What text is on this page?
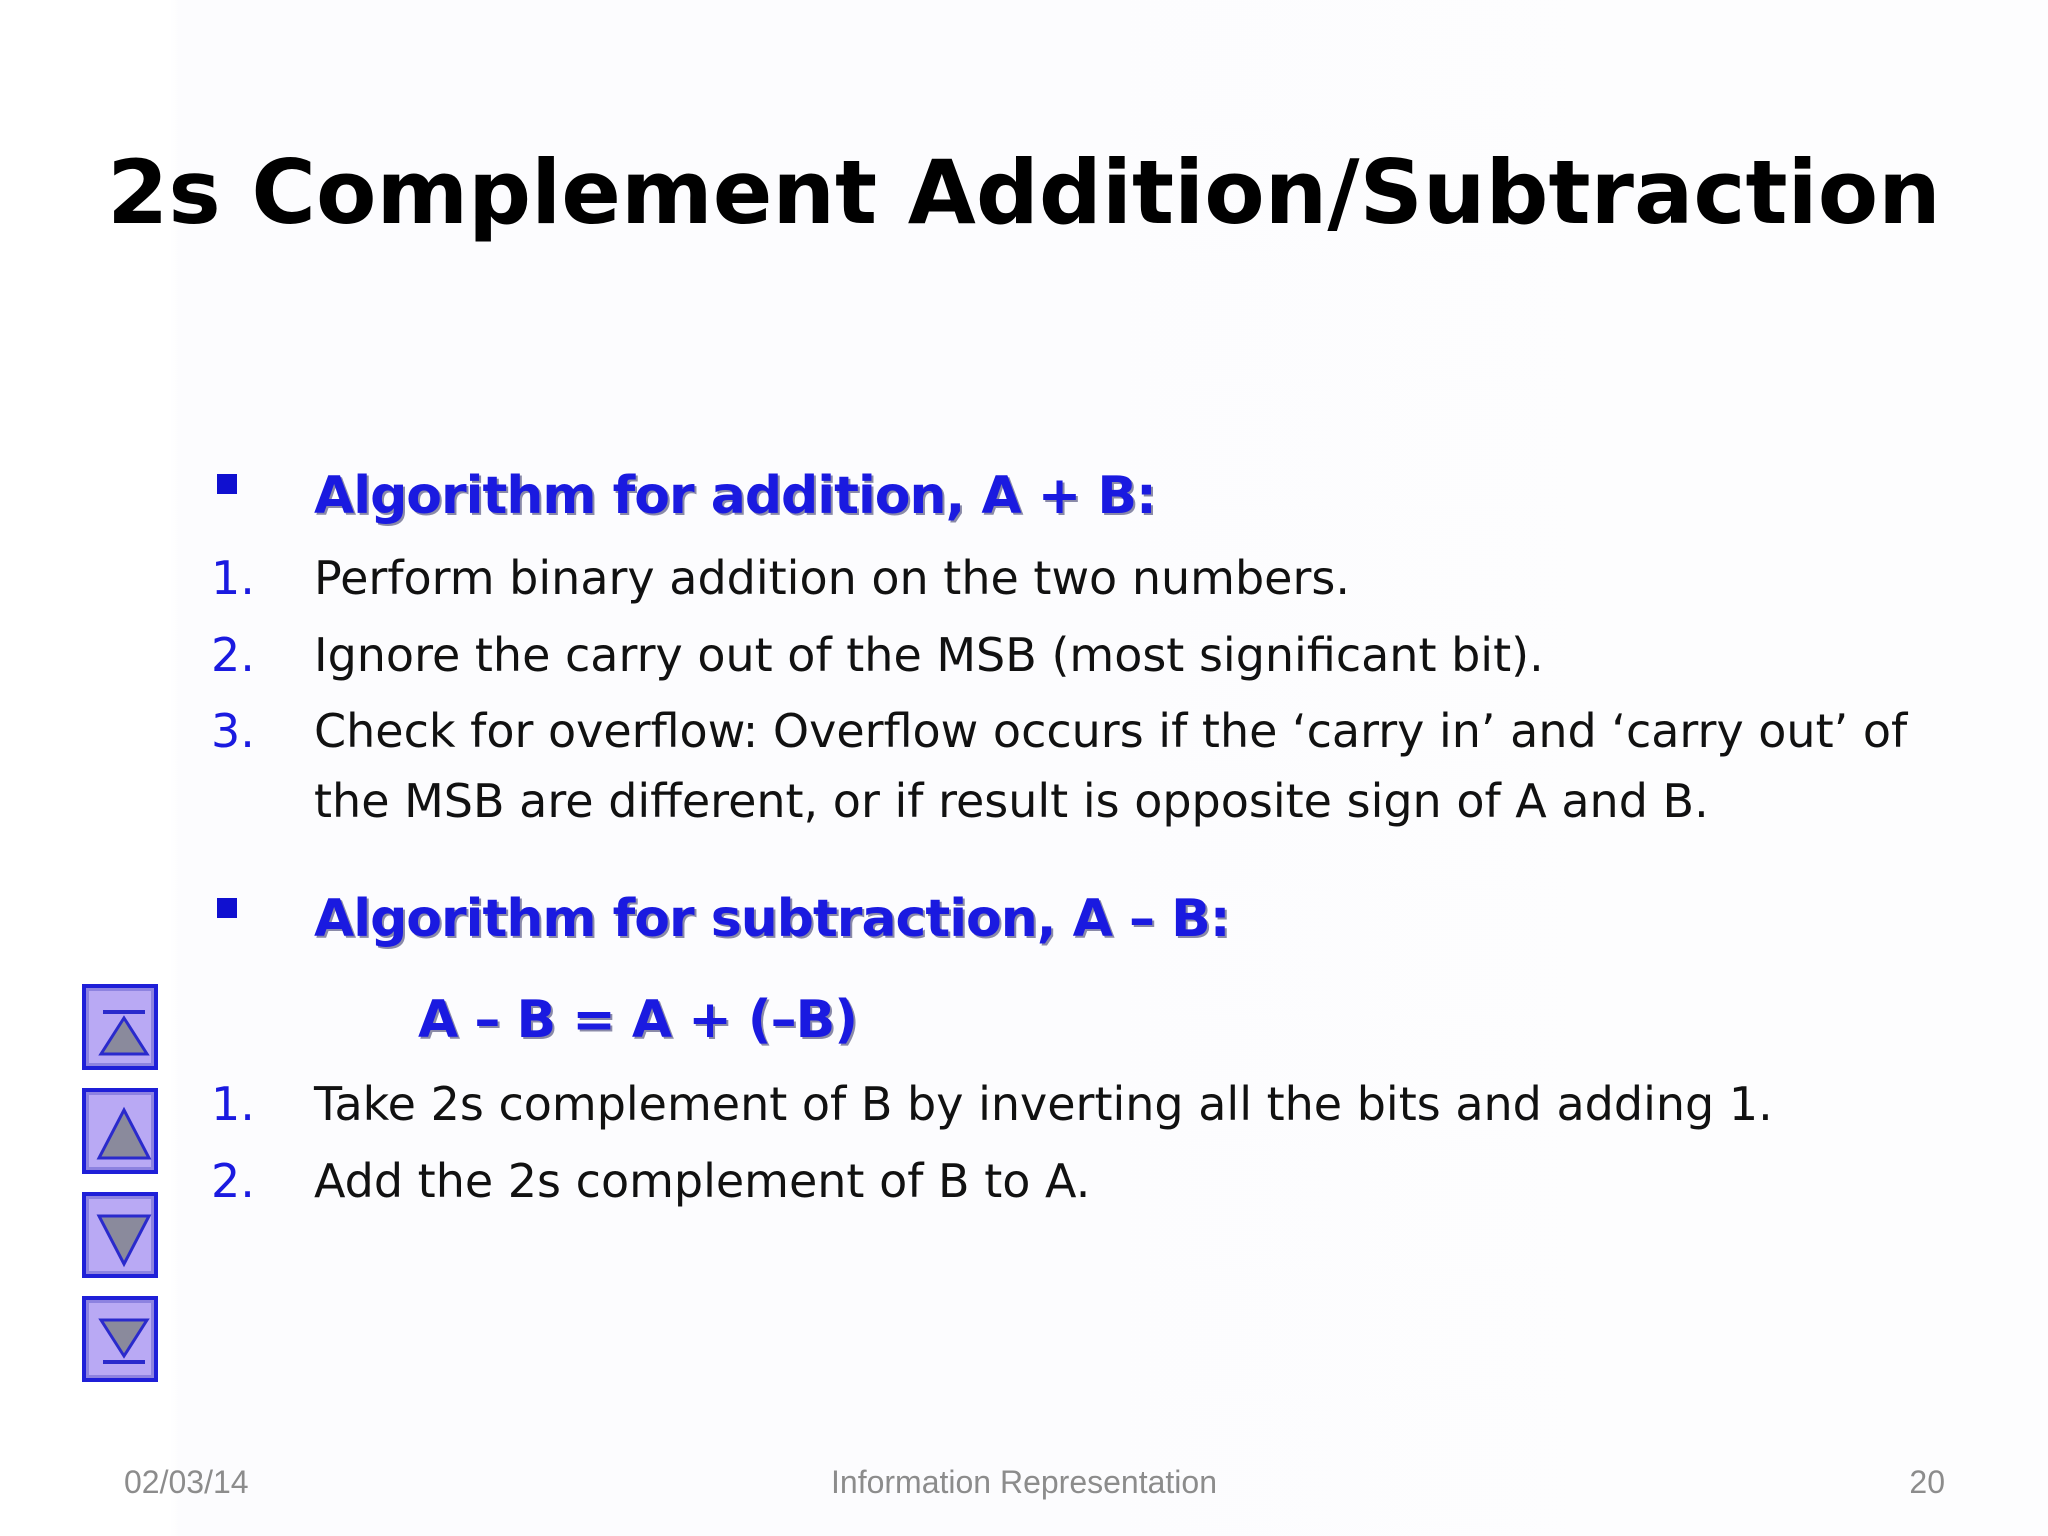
2s Complement Addition/Subtraction
Algorithm for addition, A + B:
1. Perform binary addition on the two numbers.
2. Ignore the carry out of the MSB (most significant bit).
3. Check for overflow: Overflow occurs if the ‘carry in’ and ‘carry out’ of
the MSB are different, or if result is opposite sign of A and B.
Algorithm for subtraction, A – B:
A – B = A + (–B)
1. Take 2s complement of B by inverting all the bits and adding 1.
2. Add the 2s complement of B to A.
02/03/14	Information Representation	20
